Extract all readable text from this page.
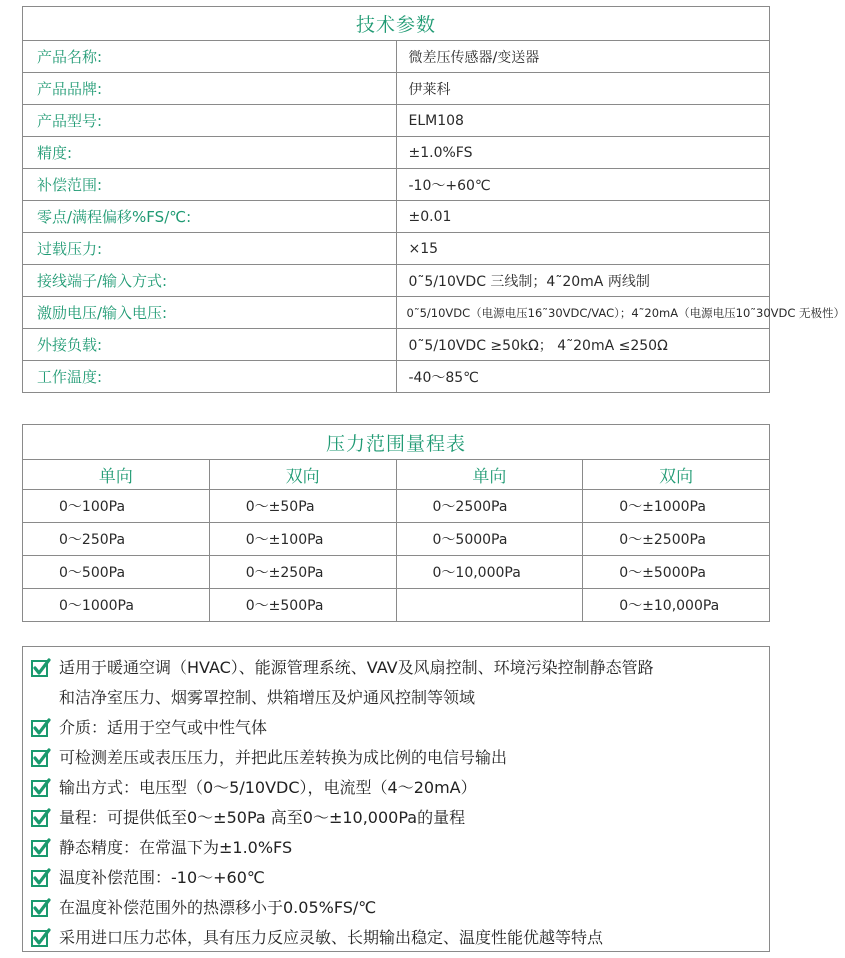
技术参数	
产品名称:	微差压传感器/变送器
产品品牌:	伊莱科
产品型号:	ELM108
精度:	±1.0%FS
补偿范围:	-10〜+60℃
零点/满程偏移%FS/℃:	±0.01
过载压力:	×15
接线端子/输入方式:	0˜5/10VDC 三线制；4˜20mA 两线制
激励电压/输入电压:	0˜5/10VDC（电源电压16˜30VDC/VAC）；4˜20mA（电源电压10˜30VDC 无极性）
外接负载:	0˜5/10VDC ≥50kΩ； 4˜20mA ≤250Ω
工作温度:	-40〜85℃
压力范围量程表			
单向	双向	单向	双向
0〜100Pa	0〜±50Pa	0〜2500Pa	0〜±1000Pa
0〜250Pa	0〜±100Pa	0〜5000Pa	0〜±2500Pa
0〜500Pa	0〜±250Pa	0〜10,000Pa	0〜±5000Pa
0〜1000Pa	0〜±500Pa		0〜±10,000Pa
适用于暖通空调（HVAC）、能源管理系统、VAV及风扇控制、环境污染控制静态管路
和洁净室压力、烟雾罩控制、烘箱增压及炉通风控制等领域
介质：适用于空气或中性气体
可检测差压或表压压力，并把此压差转换为成比例的电信号输出
输出方式：电压型（0〜5/10VDC），电流型（4〜20mA）
量程：可提供低至0〜±50Pa 高至0〜±10,000Pa的量程
静态精度：在常温下为±1.0%FS
温度补偿范围：-10〜+60℃
在温度补偿范围外的热漂移小于0.05%FS/℃
采用进口压力芯体，具有压力反应灵敏、长期输出稳定、温度性能优越等特点
